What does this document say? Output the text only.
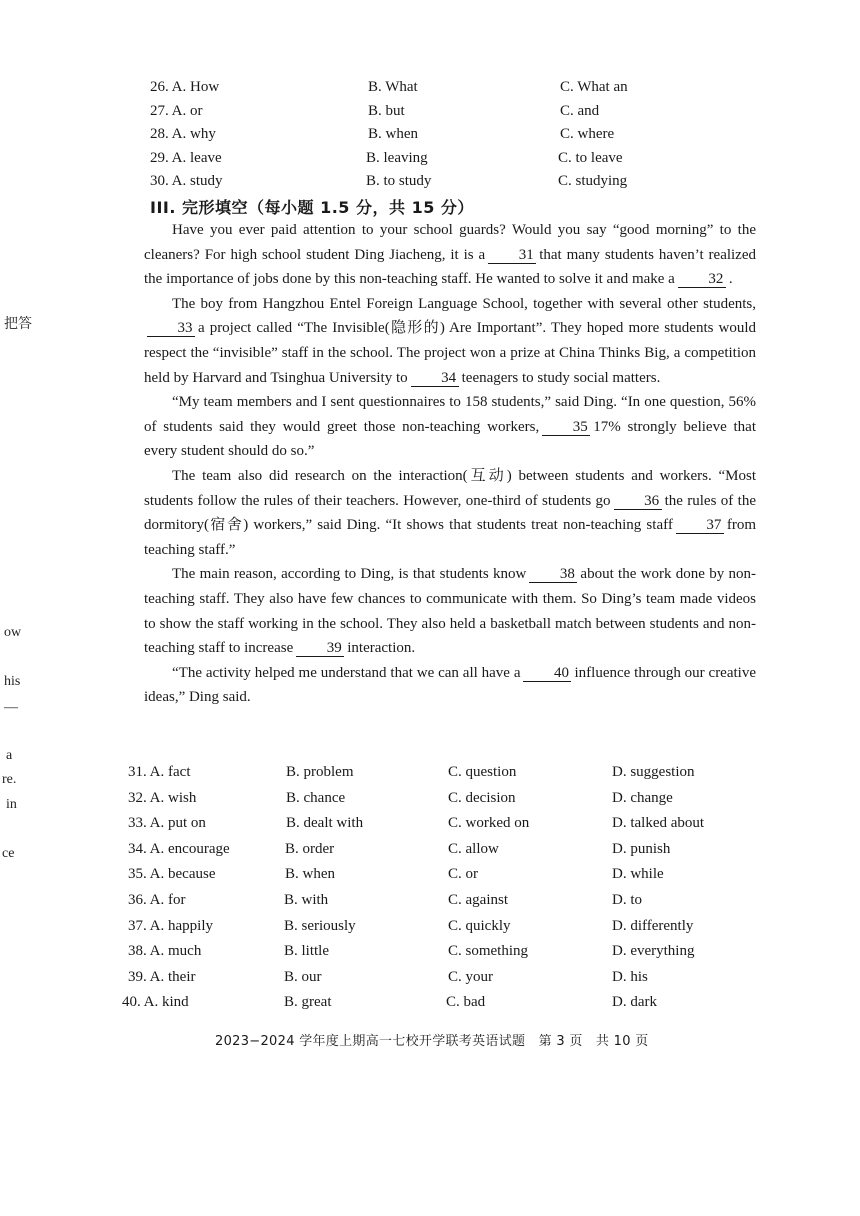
把答
ow
his
—
a
re.
in
ce
26. A. How	B. What	C. What an
27. A. or	B. but	C. and
28. A. why	B. when	C. where
29. A. leave	B. leaving	C. to leave
30. A. study	B. to study	C. studying
III. 完形填空（每小题 1.5 分，共 15 分）

Have you ever paid attention to your school guards? Would you say “good morning” to the cleaners? For high school student Ding Jiacheng, it is a 31 that many students haven’t realized the importance of jobs done by this non-teaching staff. He wanted to solve it and make a 32 .

The boy from Hangzhou Entel Foreign Language School, together with several other students,33 a project called “The Invisible(隐形的) Are Important”. They hoped more students would respect the “invisible” staff in the school. The project won a prize at China Thinks Big, a competition held by Harvard and Tsinghua University to 34 teenagers to study social matters.

“My team members and I sent questionnaires to 158 students,” said Ding. “In one question, 56% of students said they would greet those non-teaching workers, 35 17% strongly believe that every student should do so.”

The team also did research on the interaction(互动) between students and workers. “Most students follow the rules of their teachers. However, one-third of students go 36 the rules of the dormitory(宿舍) workers,” said Ding. “It shows that students treat non-teaching staff 37 from teaching staff.”

The main reason, according to Ding, is that students know 38 about the work done by non-teaching staff. They also have few chances to communicate with them. So Ding’s team made videos to show the staff working in the school. They also held a basketball match between students and non-teaching staff to increase 39 interaction.

“The activity helped me understand that we can all have a 40 influence through our creative ideas,” Ding said.

31. A. fact	B. problem	C. question	D. suggestion
32. A. wish	B. chance	C. decision	D. change
33. A. put on	B. dealt with	C. worked on	D. talked about
34. A. encourage	B. order	C. allow	D. punish
35. A. because	B. when	C. or	D. while
36. A. for	B. with	C. against	D. to
37. A. happily	B. seriously	C. quickly	D. differently
38. A. much	B. little	C. something	D. everything
39. A. their	B. our	C. your	D. his
40. A. kind	B. great	C. bad	D. dark
2023−2024 学年度上期高一七校开学联考英语试题　第 3 页　共 10 页
